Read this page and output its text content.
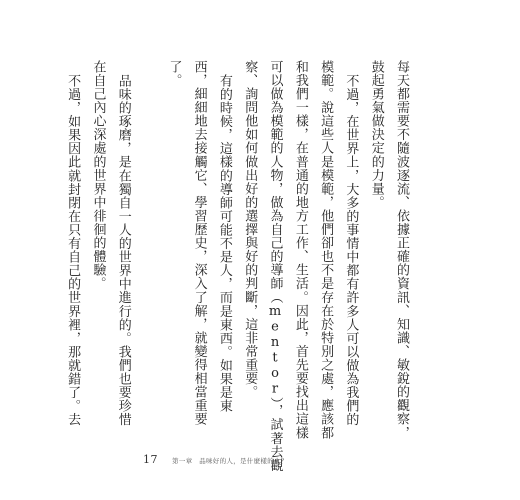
每天都需要不隨波逐流、依據正確的資訊、知識、敏銳的觀察，
鼓起勇氣做決定的力量。
不過，在世界上，大多的事情中都有許多人可以做為我們的
模範。說這些人是模範，他們卻也不是存在於特別之處，應該都
和我們一樣，在普通的地方工作、生活。因此，首先要找出這樣
可以做為模範的人物，做為自己的導師（mentor），試著去觀
察、詢問他如何做出好的選擇與好的判斷，這非常重要。
有的時候，這樣的導師可能不是人，而是東西。如果是東
西，細細地去接觸它、學習歷史，深入了解，就變得相當重要
了。
品味的琢磨，是在獨自一人的世界中進行的。我們也要珍惜
在自己內心深處的世界中徘徊的體驗。
不過，如果因此就封閉在只有自己的世界裡，那就錯了。去
17 第一章　品味好的人，是什麼樣的人？
